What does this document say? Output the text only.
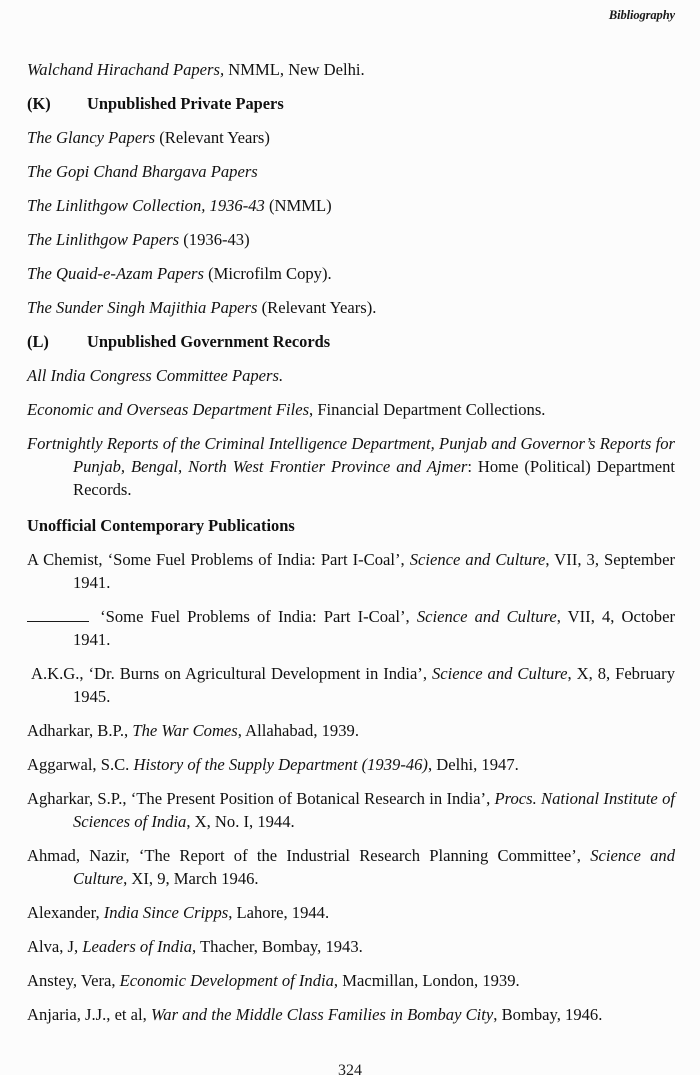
Bibliography

Walchand Hirachand Papers, NMML, New Delhi.

(K)	Unpublished Private Papers

The Glancy Papers (Relevant Years)

The Gopi Chand Bhargava Papers

The Linlithgow Collection, 1936-43 (NMML)

The Linlithgow Papers (1936-43)

The Quaid-e-Azam Papers (Microfilm Copy).

The Sunder Singh Majithia Papers (Relevant Years).

(L)	Unpublished Government Records

All India Congress Committee Papers.

Economic and Overseas Department Files, Financial Department Collections.

Fortnightly Reports of the Criminal Intelligence Department, Punjab and Governor’s Reports for Punjab, Bengal, North West Frontier Province and Ajmer: Home (Political) Department Records.

Unofficial Contemporary Publications

A Chemist, ‘Some Fuel Problems of India: Part I-Coal’, Science and Culture, VII, 3, September 1941.

‘Some Fuel Problems of India: Part I-Coal’, Science and Culture, VII, 4, October 1941.

A.K.G., ‘Dr. Burns on Agricultural Development in India’, Science and Culture, X, 8, February 1945.

Adharkar, B.P., The War Comes, Allahabad, 1939.

Aggarwal, S.C. History of the Supply Department (1939-46), Delhi, 1947.

Agharkar, S.P., ‘The Present Position of Botanical Research in India’, Procs. National Institute of Sciences of India, X, No. I, 1944.

Ahmad, Nazir, ‘The Report of the Industrial Research Planning Committee’, Science and Culture, XI, 9, March 1946.

Alexander, India Since Cripps, Lahore, 1944.

Alva, J, Leaders of India, Thacher, Bombay, 1943.

Anstey, Vera, Economic Development of India, Macmillan, London, 1939.

Anjaria, J.J., et al, War and the Middle Class Families in Bombay City, Bombay, 1946.

324
